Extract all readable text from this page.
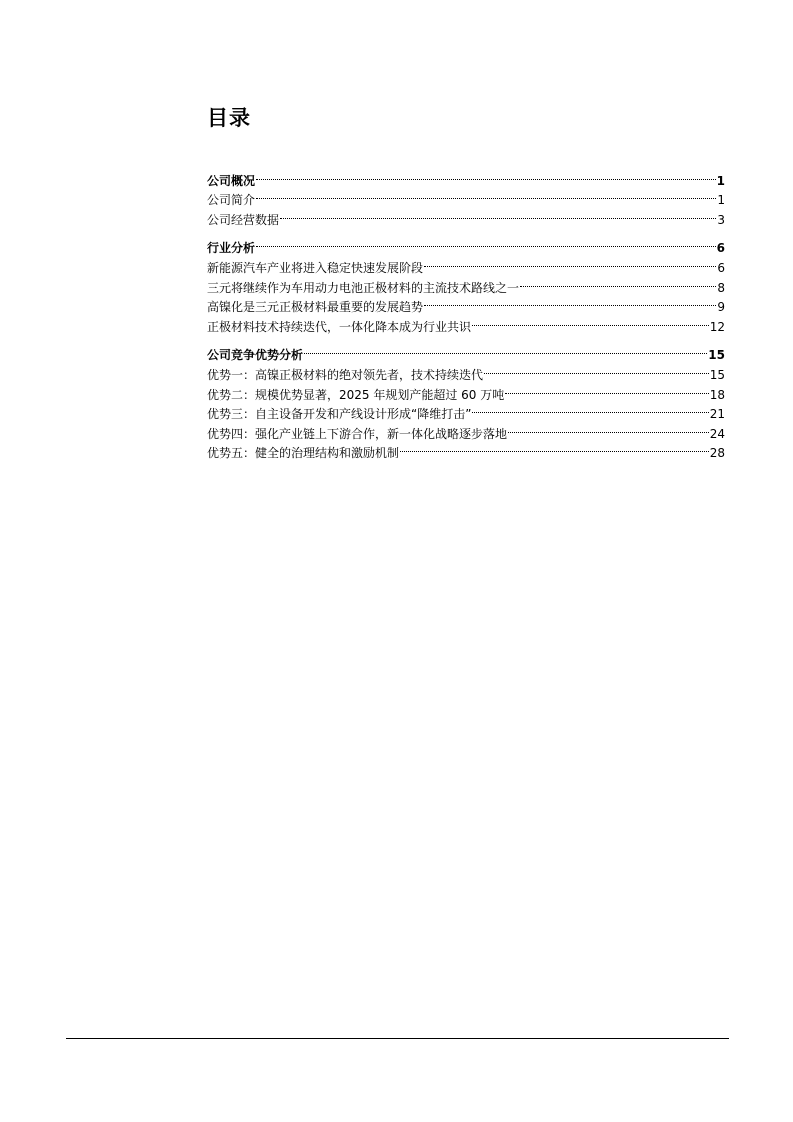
目录
公司概况	1
公司简介	1
公司经营数据	3
行业分析	6
新能源汽车产业将进入稳定快速发展阶段	6
三元将继续作为车用动力电池正极材料的主流技术路线之一	8
高镍化是三元正极材料最重要的发展趋势	9
正极材料技术持续迭代，一体化降本成为行业共识	12
公司竞争优势分析	15
优势一：高镍正极材料的绝对领先者，技术持续迭代	15
优势二：规模优势显著，2025 年规划产能超过 60 万吨	18
优势三：自主设备开发和产线设计形成“降维打击”	21
优势四：强化产业链上下游合作，新一体化战略逐步落地	24
优势五：健全的治理结构和激励机制	28
